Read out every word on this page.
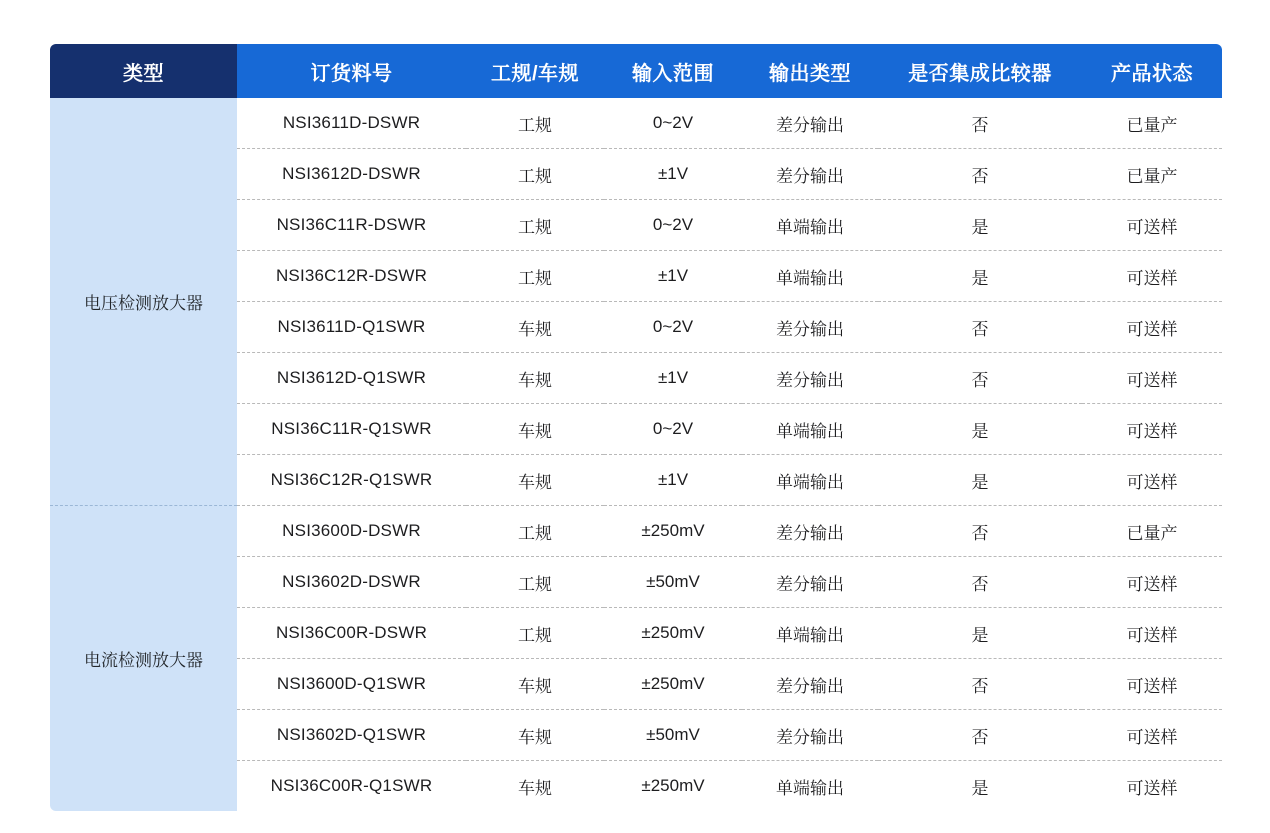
类型	订货料号	工规/车规	输入范围	输出类型	是否集成比较器	产品状态
电压检测放大器	NSI3611D-DSWR	工规	0~2V	差分输出	否	已量产
	NSI3612D-DSWR	工规	±1V	差分输出	否	已量产
	NSI36C11R-DSWR	工规	0~2V	单端输出	是	可送样
	NSI36C12R-DSWR	工规	±1V	单端输出	是	可送样
	NSI3611D-Q1SWR	车规	0~2V	差分输出	否	可送样
	NSI3612D-Q1SWR	车规	±1V	差分输出	否	可送样
	NSI36C11R-Q1SWR	车规	0~2V	单端输出	是	可送样
	NSI36C12R-Q1SWR	车规	±1V	单端输出	是	可送样
电流检测放大器	NSI3600D-DSWR	工规	±250mV	差分输出	否	已量产
	NSI3602D-DSWR	工规	±50mV	差分输出	否	可送样
	NSI36C00R-DSWR	工规	±250mV	单端输出	是	可送样
	NSI3600D-Q1SWR	车规	±250mV	差分输出	否	可送样
	NSI3602D-Q1SWR	车规	±50mV	差分输出	否	可送样
	NSI36C00R-Q1SWR	车规	±250mV	单端输出	是	可送样
